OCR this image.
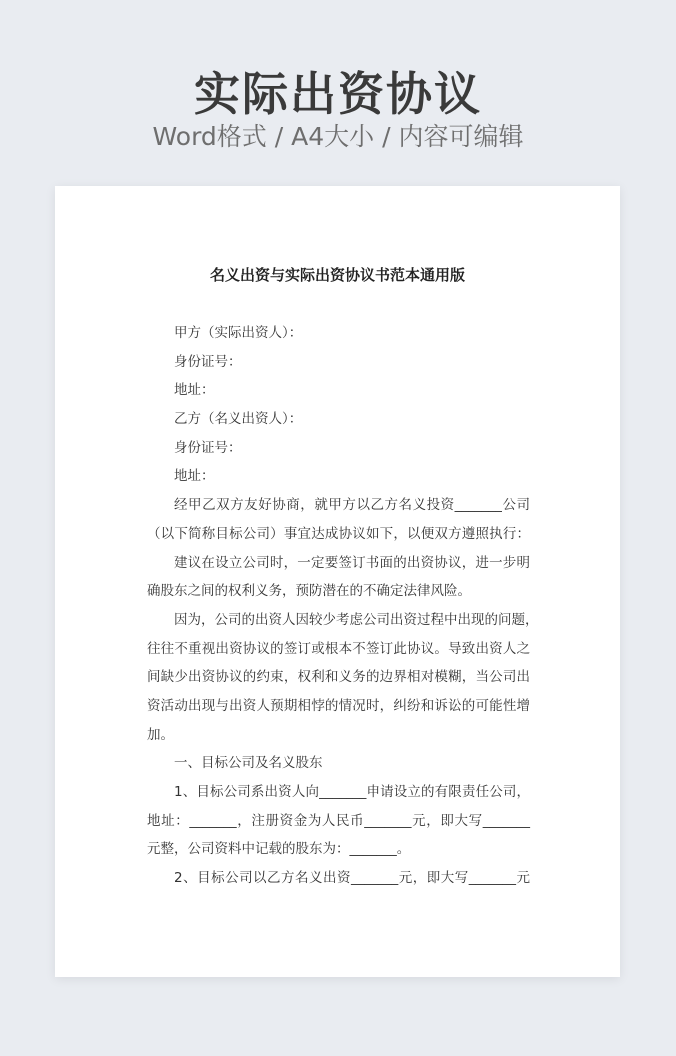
实际出资协议
Word格式 / A4大小 / 内容可编辑
名义出资与实际出资协议书范本通用版
甲方（实际出资人）：
身份证号：
地址：
乙方（名义出资人）：
身份证号：
地址：
经甲乙双方友好协商，就甲方以乙方名义投资_______公司
（以下简称目标公司）事宜达成协议如下，以便双方遵照执行：
建议在设立公司时，一定要签订书面的出资协议，进一步明
确股东之间的权利义务，预防潜在的不确定法律风险。
因为，公司的出资人因较少考虑公司出资过程中出现的问题，
往往不重视出资协议的签订或根本不签订此协议。导致出资人之
间缺少出资协议的约束，权利和义务的边界相对模糊，当公司出
资活动出现与出资人预期相悖的情况时，纠纷和诉讼的可能性增
加。
一、目标公司及名义股东
1、目标公司系出资人向_______申请设立的有限责任公司，
地址：_______，注册资金为人民币_______元，即大写_______
元整，公司资料中记载的股东为：_______。
2、目标公司以乙方名义出资_______元，即大写_______元
